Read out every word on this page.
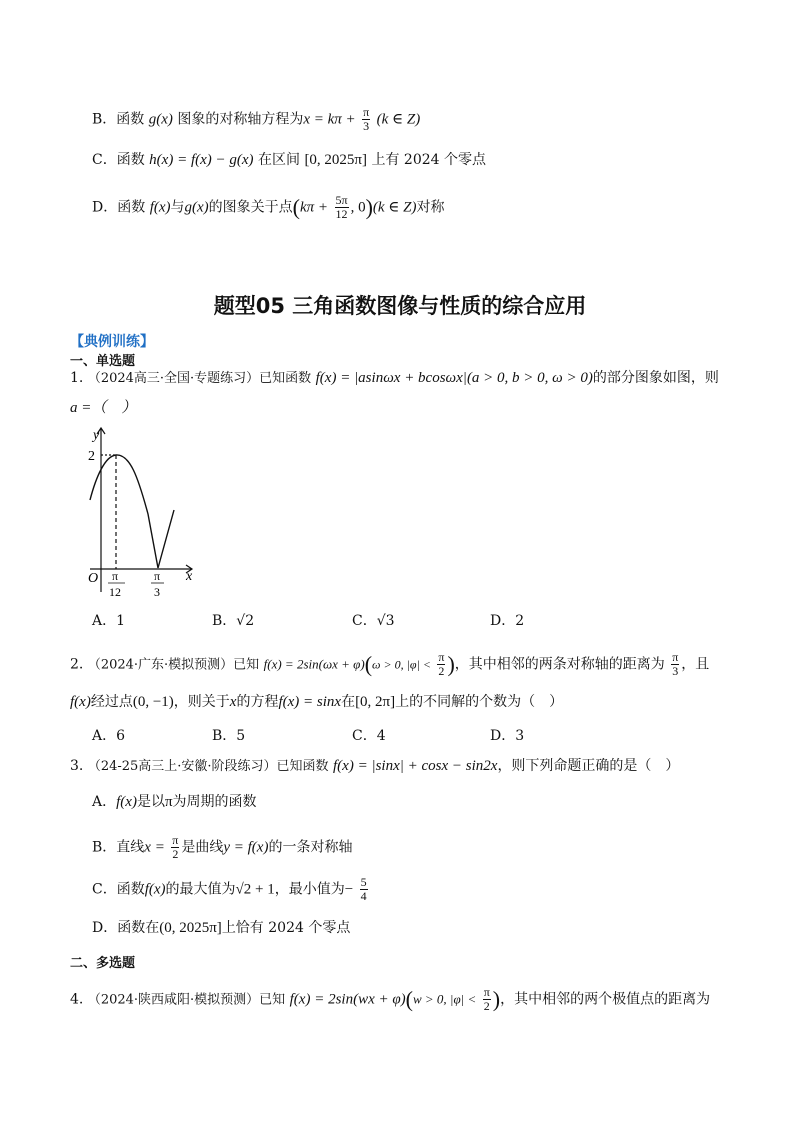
B．函数 g(x) 图象的对称轴方程为$x = k\pi + \frac{\pi}{3} (k$ ∈ Z)
C．函数 h(x) = f(x) − g(x) 在区间 [0, 2025π] 上有 2024 个零点
D．函数 f(x)与g(x)的图象关于点($k\pi + \frac{5\pi}{12}$ , 0)(k ∈ Z)对称
题型05 三角函数图像与性质的综合应用
【典例训练】
一、单选题
1. （2024高三·全国·专题练习）已知函数 f(x) = |asinωx + bcosωx|(a > 0, b > 0, ω > 0)的部分图象如图，则
a =（　）
y
2
O	x
π
12
π
3
A．1	B．√2	C．√3	D．2
2. （2024·广东·模拟预测）已知 f(x) = 2sin(ωx + φ)(ω > 0, $|\varphi| < \frac{\pi}{2}$ )，其中相邻的两条对称轴的距离为 $\frac{\pi}{3}$ ，且
f(x)经过点(0, −1)，则关于x的方程f(x) = sinx在[0, 2π]上的不同解的个数为（　）
A．6	B．5	C．4	D．3
3. （24-25高三上·安徽·阶段练习）已知函数 f(x) = |sinx| + cosx − sin2x，则下列命题正确的是（　）
A．f(x)是以π为周期的函数
B．直线$x = \frac{\pi}{2}$ 是曲线y = f(x)的一条对称轴
C．函数f(x)的最大值为√2 + 1，最小值为− $\frac{5}{4}$
D．函数在(0, 2025π]上恰有 2024 个零点
二、多选题
4. （2024·陕西咸阳·模拟预测）已知 f(x) = 2sin(wx + φ)(w > 0, $|\varphi| < \frac{\pi}{2}$ )，其中相邻的两个极值点的距离为
